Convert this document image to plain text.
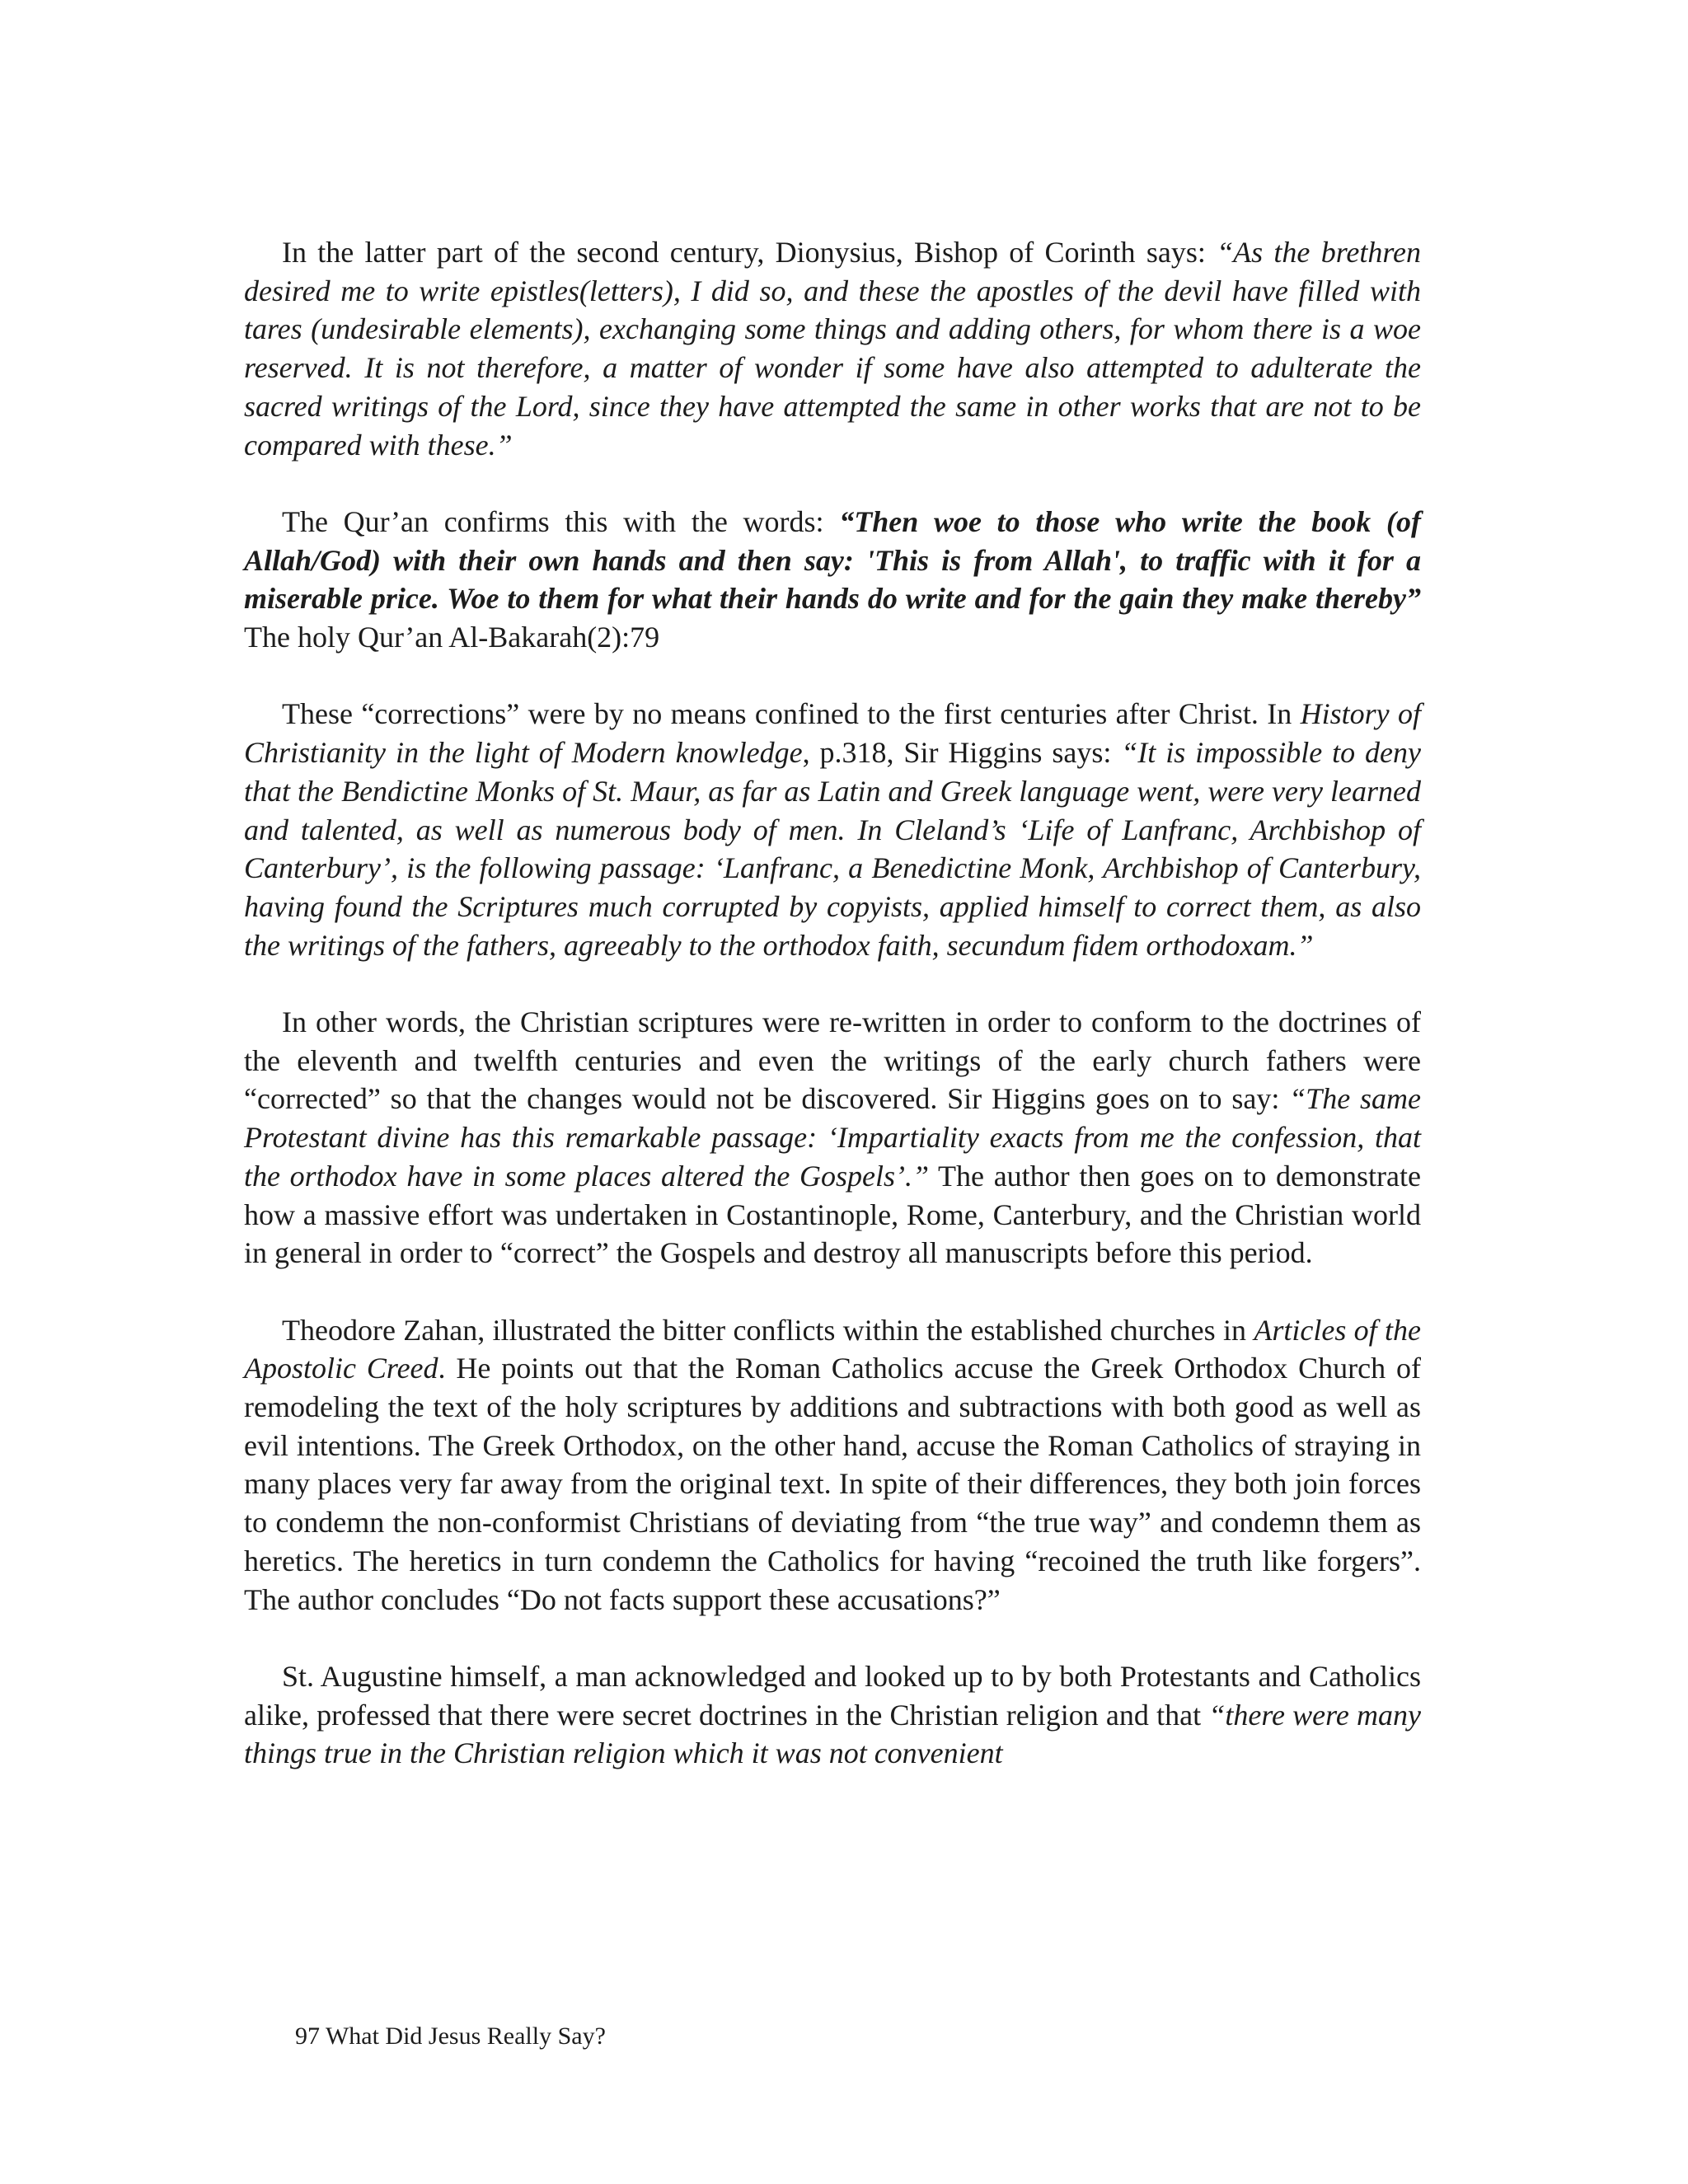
In the latter part of the second century, Dionysius, Bishop of Corinth says: “As the brethren desired me to write epistles(letters), I did so, and these the apostles of the devil have filled with tares (undesirable elements), exchanging some things and adding others, for whom there is a woe reserved. It is not therefore, a matter of wonder if some have also attempted to adulterate the sacred writings of the Lord, since they have attempted the same in other works that are not to be compared with these.”

The Qur’an confirms this with the words: “Then woe to those who write the book (of Allah/God) with their own hands and then say: 'This is from Allah', to traffic with it for a miserable price. Woe to them for what their hands do write and for the gain they make thereby” The holy Qur’an Al-Bakarah(2):79

These “corrections” were by no means confined to the first centuries after Christ. In History of Christianity in the light of Modern knowledge, p.318, Sir Higgins says: “It is impossible to deny that the Bendictine Monks of St. Maur, as far as Latin and Greek language went, were very learned and talented, as well as numerous body of men. In Cleland’s ‘Life of Lanfranc, Archbishop of Canterbury’, is the following passage: ‘Lanfranc, a Benedictine Monk, Archbishop of Canterbury, having found the Scriptures much corrupted by copyists, applied himself to correct them, as also the writings of the fathers, agreeably to the orthodox faith, secundum fidem orthodoxam.”

In other words, the Christian scriptures were re-written in order to conform to the doctrines of the eleventh and twelfth centuries and even the writings of the early church fathers were “corrected” so that the changes would not be discovered. Sir Higgins goes on to say: “The same Protestant divine has this remarkable passage: ‘Impartiality exacts from me the confession, that the orthodox have in some places altered the Gospels’.” The author then goes on to demonstrate how a massive effort was undertaken in Costantinople, Rome, Canterbury, and the Christian world in general in order to “correct” the Gospels and destroy all manuscripts before this period.

Theodore Zahan, illustrated the bitter conflicts within the established churches in Articles of the Apostolic Creed. He points out that the Roman Catholics accuse the Greek Orthodox Church of remodeling the text of the holy scriptures by additions and subtractions with both good as well as evil intentions. The Greek Orthodox, on the other hand, accuse the Roman Catholics of straying in many places very far away from the original text. In spite of their differences, they both join forces to condemn the non-conformist Christians of deviating from “the true way” and condemn them as heretics. The heretics in turn condemn the Catholics for having “recoined the truth like forgers”. The author concludes “Do not facts support these accusations?”

St. Augustine himself, a man acknowledged and looked up to by both Protestants and Catholics alike, professed that there were secret doctrines in the Christian religion and that “there were many things true in the Christian religion which it was not convenient

97 What Did Jesus Really Say?
